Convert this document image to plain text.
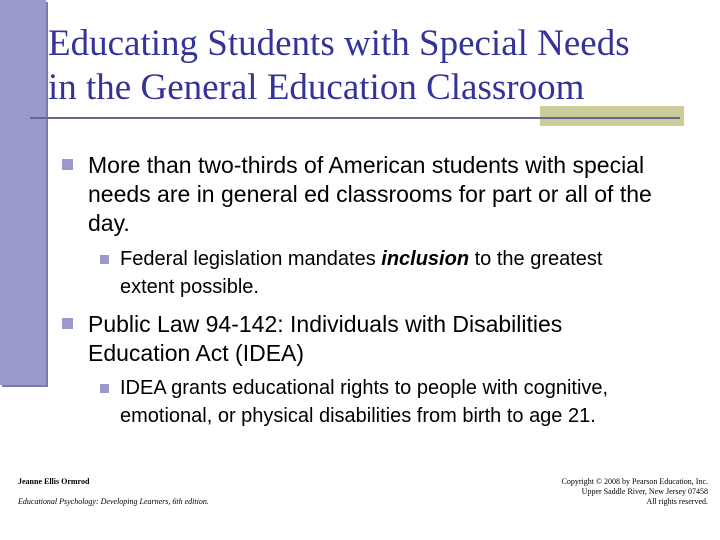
Educating Students with Special Needs
in the General Education Classroom
More than two-thirds of American students with special needs are in general ed classrooms for part or all of the day.
Federal legislation mandates inclusion to the greatest extent possible.
Public Law 94-142: Individuals with Disabilities Education Act (IDEA)
IDEA grants educational rights to people with cognitive, emotional, or physical disabilities from birth to age 21.
Jeanne Ellis Ormrod
Educational Psychology: Developing Learners, 6th edition.
Copyright © 2008 by Pearson Education, Inc.
Upper Saddle River, New Jersey 07458
All rights reserved.
